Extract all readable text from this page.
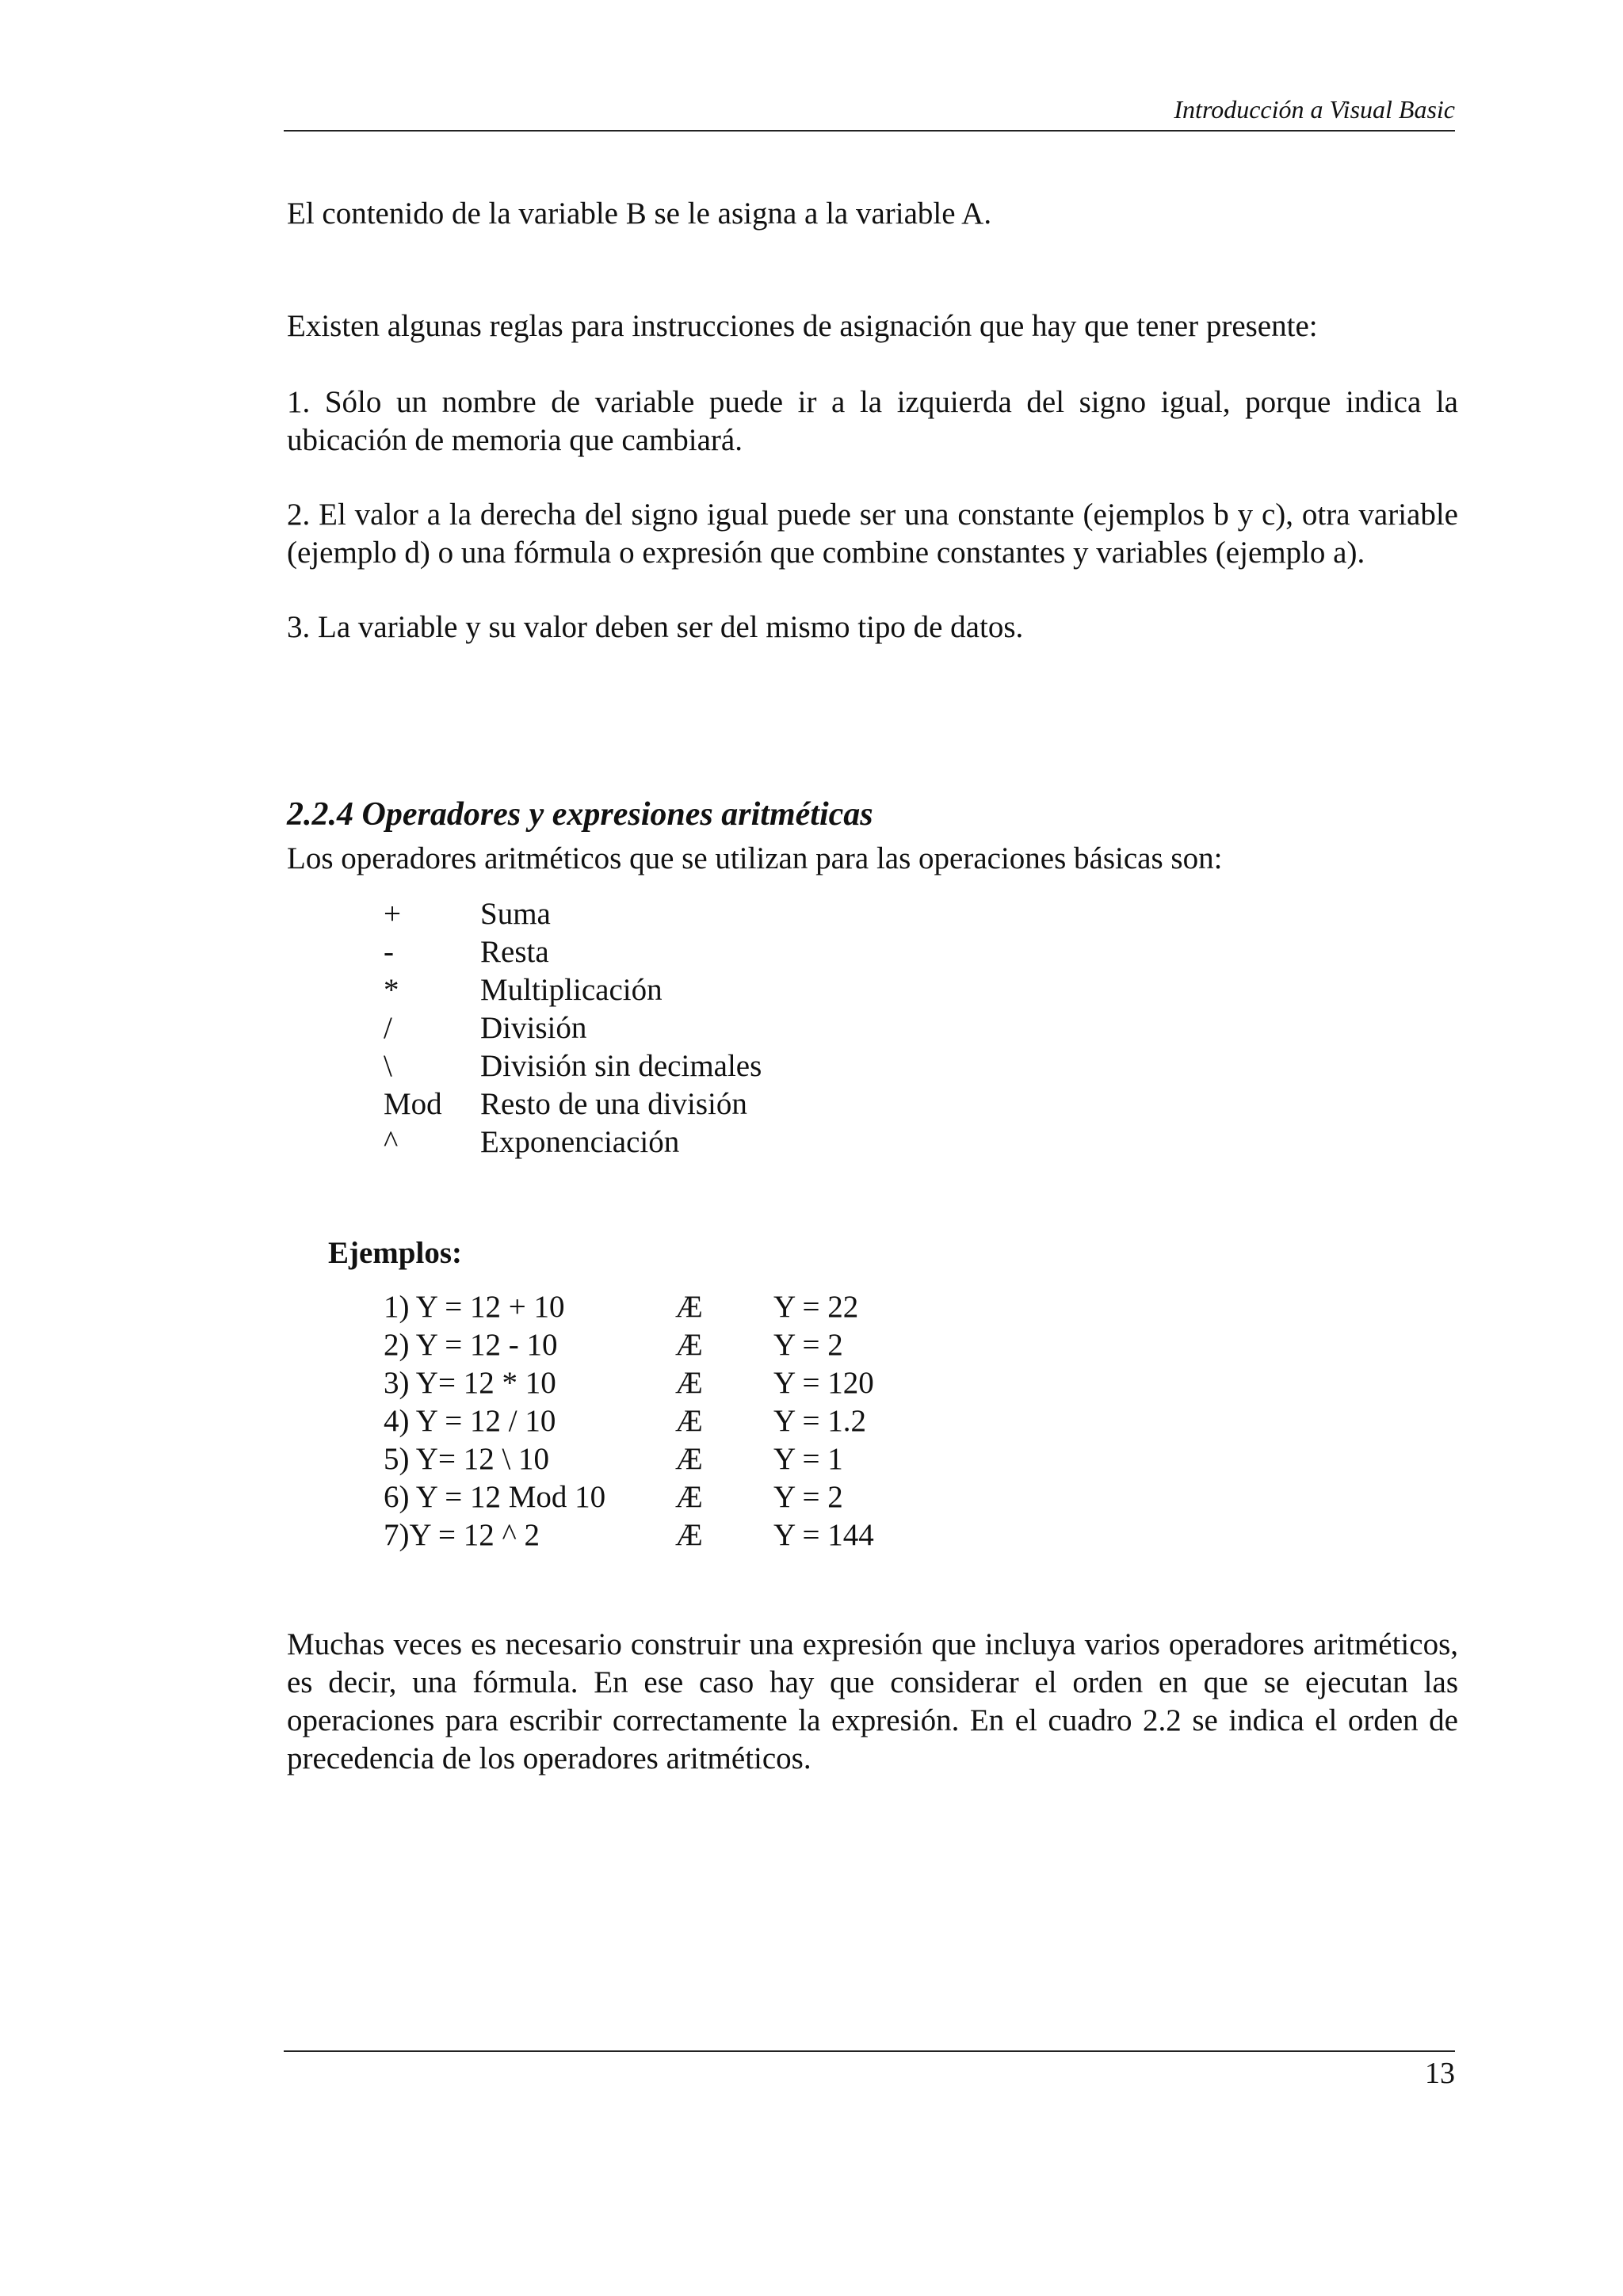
Introducción a Visual Basic
El contenido de la variable B se le asigna a la variable A.
Existen algunas reglas para instrucciones de asignación que hay que tener presente:
1. Sólo un nombre de variable puede ir a la izquierda del signo igual, porque indica la ubicación de memoria que cambiará.
2. El valor a la derecha del signo igual puede ser una constante (ejemplos b y c), otra variable (ejemplo d) o una fórmula o expresión que combine constantes y variables (ejemplo a).
3. La variable y su valor deben ser del mismo tipo de datos.
2.2.4 Operadores y expresiones aritméticas
Los operadores aritméticos que se utilizan para las operaciones básicas son:
+	Suma
-	Resta
*	Multiplicación
/	División
\	División sin decimales
Mod	Resto de una división
^	Exponenciación
Ejemplos:
1) Y = 12 + 10	Æ	Y = 22
2) Y = 12 - 10	Æ	Y = 2
3) Y= 12 * 10	Æ	Y = 120
4) Y = 12 / 10	Æ	Y = 1.2
5) Y= 12 \ 10	Æ	Y = 1
6) Y = 12 Mod 10	Æ	Y = 2
7)Y = 12 ^ 2	Æ	Y = 144
Muchas veces es necesario construir una expresión que incluya varios operadores aritméticos, es decir, una fórmula. En ese caso hay que considerar el orden en que se ejecutan las operaciones para escribir correctamente la expresión. En el cuadro 2.2 se indica el orden de precedencia de los operadores aritméticos.
13
